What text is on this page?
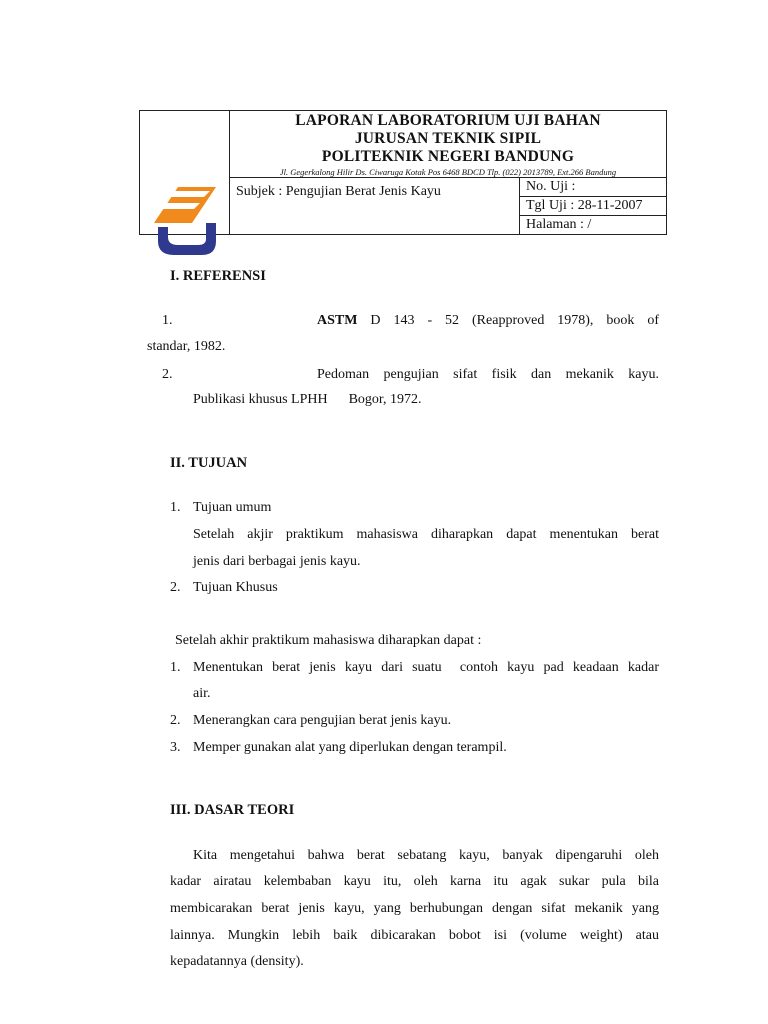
LAPORAN LABORATORIUM UJI BAHAN
JURUSAN TEKNIK SIPIL
POLITEKNIK NEGERI BANDUNG
Jl. Gegerkalong Hilir Ds. Ciwaruga Kotak Pos 6468 BDCD Tlp. (022) 2013789, Ext.266 Bandung	

	Subjek : Pengujian Berat Jenis Kayu	No. Uji :
		Tgl Uji : 28-11-2007
		Halaman : /
I. REFERENSI
1.	ASTM D 143 - 52 (Reapproved 1978), book of
standar, 1982.
2.	Pedoman pengujian sifat fisik dan mekanik kayu.
Publikasi khusus LPHH      Bogor, 1972.
II. TUJUAN
1. Tujuan umum
Setelah akjir praktikum mahasiswa diharapkan dapat menentukan berat
jenis dari berbagai jenis kayu.
2. Tujuan Khusus
Setelah akhir praktikum mahasiswa diharapkan dapat :
1. Menentukan berat jenis kayu dari suatu  contoh kayu pad keadaan kadar
air.
2. Menerangkan cara pengujian berat jenis kayu.
3. Memper gunakan alat yang diperlukan dengan terampil.
III. DASAR TEORI
Kita mengetahui bahwa berat sebatang kayu, banyak dipengaruhi oleh
kadar airatau kelembaban kayu itu, oleh karna itu agak sukar pula bila
membicarakan berat jenis kayu, yang berhubungan dengan sifat mekanik yang
lainnya. Mungkin lebih baik dibicarakan bobot isi (volume weight) atau
kepadatannya (density).
